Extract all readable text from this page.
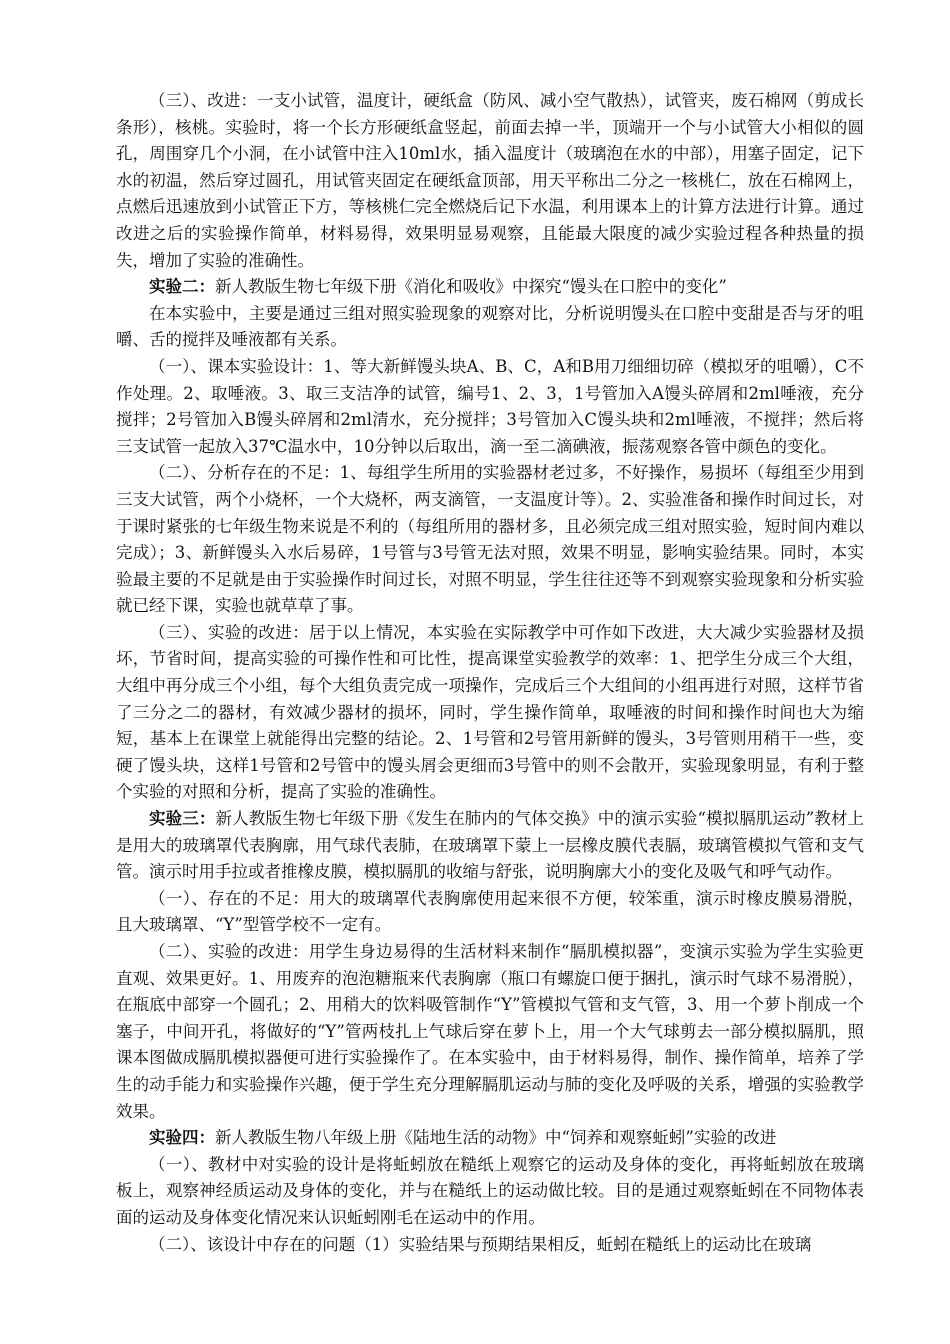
（三）、改进：一支小试管，温度计，硬纸盒（防风、减小空气散热），试管夹，废石棉网（剪成长条形），核桃。实验时，将一个长方形硬纸盒竖起，前面去掉一半，顶端开一个与小试管大小相似的圆孔，周围穿几个小洞，在小试管中注入10ml水，插入温度计（玻璃泡在水的中部），用塞子固定，记下水的初温，然后穿过圆孔，用试管夹固定在硬纸盒顶部，用天平称出二分之一核桃仁，放在石棉网上，点燃后迅速放到小试管正下方，等核桃仁完全燃烧后记下水温，利用课本上的计算方法进行计算。通过改进之后的实验操作简单，材料易得，效果明显易观察，且能最大限度的减少实验过程各种热量的损失，增加了实验的准确性。

实验二：新人教版生物七年级下册《消化和吸收》中探究“馒头在口腔中的变化”

在本实验中，主要是通过三组对照实验现象的观察对比，分析说明馒头在口腔中变甜是否与牙的咀嚼、舌的搅拌及唾液都有关系。

（一）、课本实验设计：1、等大新鲜馒头块A、B、C，A和B用刀细细切碎（模拟牙的咀嚼），C不作处理。2、取唾液。3、取三支洁净的试管，编号1、2、3，1号管加入A馒头碎屑和2ml唾液，充分搅拌；2号管加入B馒头碎屑和2ml清水，充分搅拌；3号管加入C馒头块和2ml唾液，不搅拌；然后将三支试管一起放入37℃温水中，10分钟以后取出，滴一至二滴碘液，振荡观察各管中颜色的变化。

（二）、分析存在的不足：1、每组学生所用的实验器材老过多，不好操作，易损坏（每组至少用到三支大试管，两个小烧杯，一个大烧杯，两支滴管，一支温度计等）。2、实验准备和操作时间过长，对于课时紧张的七年级生物来说是不利的（每组所用的器材多，且必须完成三组对照实验，短时间内难以完成）；3、新鲜馒头入水后易碎，1号管与3号管无法对照，效果不明显，影响实验结果。同时，本实验最主要的不足就是由于实验操作时间过长，对照不明显，学生往往还等不到观察实验现象和分析实验就已经下课，实验也就草草了事。

（三）、实验的改进：居于以上情况，本实验在实际教学中可作如下改进，大大减少实验器材及损坏，节省时间，提高实验的可操作性和可比性，提高课堂实验教学的效率：1、把学生分成三个大组，大组中再分成三个小组，每个大组负责完成一项操作，完成后三个大组间的小组再进行对照，这样节省了三分之二的器材，有效减少器材的损坏，同时，学生操作简单，取唾液的时间和操作时间也大为缩短，基本上在课堂上就能得出完整的结论。2、1号管和2号管用新鲜的馒头，3号管则用稍干一些，变硬了馒头块，这样1号管和2号管中的馒头屑会更细而3号管中的则不会散开，实验现象明显，有利于整个实验的对照和分析，提高了实验的准确性。

实验三：新人教版生物七年级下册《发生在肺内的气体交换》中的演示实验“模拟膈肌运动”教材上是用大的玻璃罩代表胸廓，用气球代表肺，在玻璃罩下蒙上一层橡皮膜代表膈，玻璃管模拟气管和支气管。演示时用手拉或者推橡皮膜，模拟膈肌的收缩与舒张，说明胸廓大小的变化及吸气和呼气动作。

（一）、存在的不足：用大的玻璃罩代表胸廓使用起来很不方便，较笨重，演示时橡皮膜易滑脱，且大玻璃罩、“Y”型管学校不一定有。

（二）、实验的改进：用学生身边易得的生活材料来制作“膈肌模拟器”，变演示实验为学生实验更直观、效果更好。1、用废弃的泡泡糖瓶来代表胸廓（瓶口有螺旋口便于捆扎，演示时气球不易滑脱），在瓶底中部穿一个圆孔；2、用稍大的饮料吸管制作“Y”管模拟气管和支气管，3、用一个萝卜削成一个塞子，中间开孔，将做好的“Y”管两枝扎上气球后穿在萝卜上，用一个大气球剪去一部分模拟膈肌，照课本图做成膈肌模拟器便可进行实验操作了。在本实验中，由于材料易得，制作、操作简单，培养了学生的动手能力和实验操作兴趣，便于学生充分理解膈肌运动与肺的变化及呼吸的关系，增强的实验教学效果。

实验四：新人教版生物八年级上册《陆地生活的动物》中“饲养和观察蚯蚓”实验的改进

（一）、教材中对实验的设计是将蚯蚓放在糙纸上观察它的运动及身体的变化，再将蚯蚓放在玻璃板上，观察神经质运动及身体的变化，并与在糙纸上的运动做比较。目的是通过观察蚯蚓在不同物体表面的运动及身体变化情况来认识蚯蚓刚毛在运动中的作用。

（二）、该设计中存在的问题（1）实验结果与预期结果相反，蚯蚓在糙纸上的运动比在玻璃
